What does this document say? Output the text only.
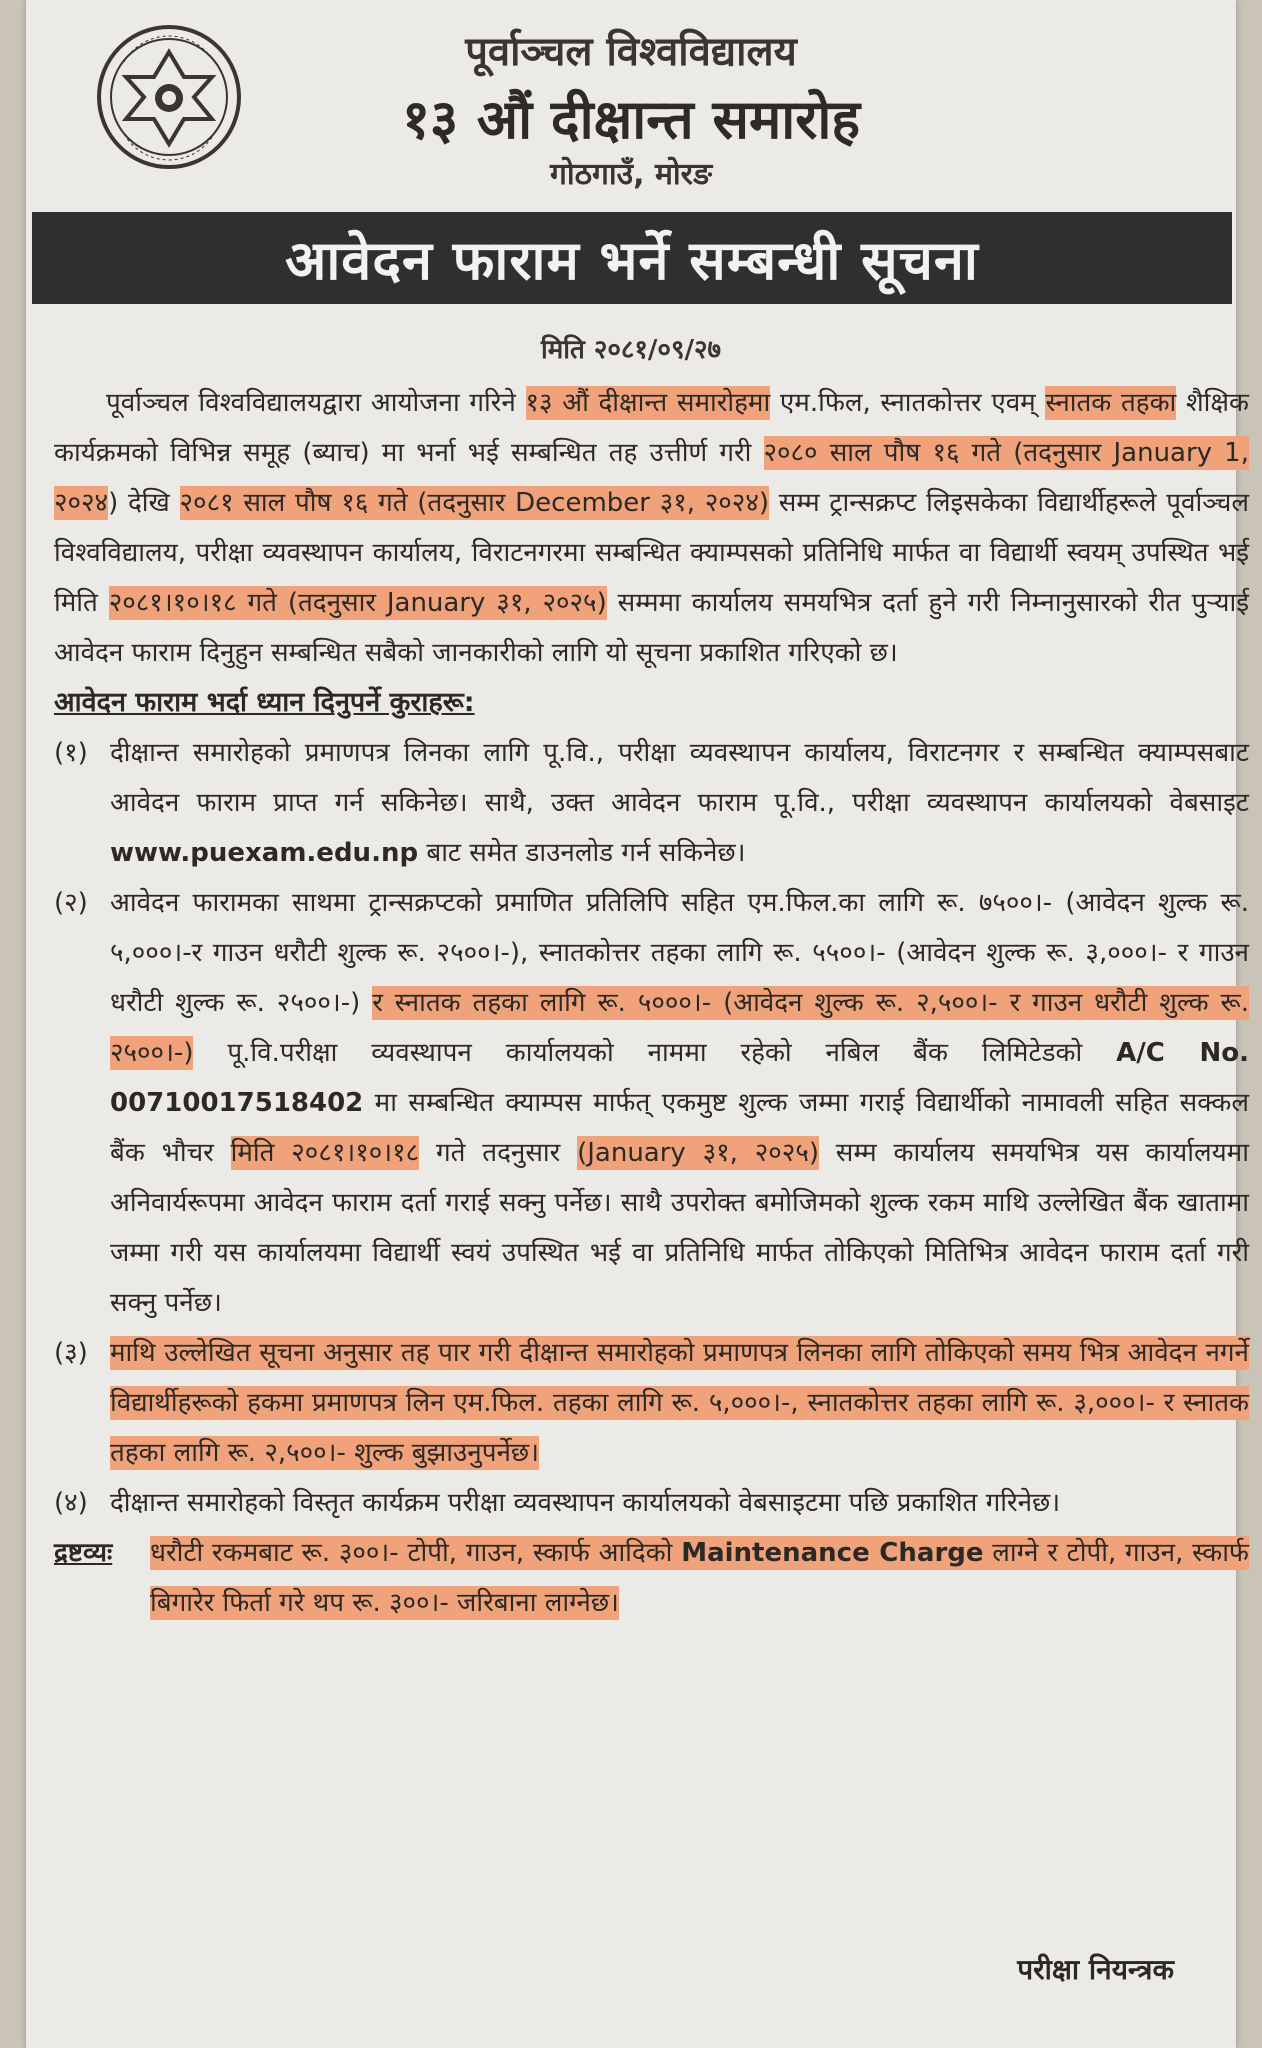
पूर्वाञ्चल विश्वविद्यालय
१३ औं दीक्षान्त समारोह
गोठगाउँ, मोरङ
आवेदन फाराम भर्ने सम्बन्धी सूचना
मिति २०८१/०९/२७

पूर्वाञ्चल विश्वविद्यालयद्वारा आयोजना गरिने १३ औं दीक्षान्त समारोहमा एम.फिल, स्नातकोत्तर एवम् स्नातक तहका शैक्षिक कार्यक्रमको विभिन्न समूह (ब्याच) मा भर्ना भई सम्बन्धित तह उत्तीर्ण गरी २०८० साल पौष १६ गते (तदनुसार January 1, २०२४) देखि २०८१ साल पौष १६ गते (तदनुसार December ३१, २०२४) सम्म ट्रान्सक्रप्ट लिइसकेका विद्यार्थीहरूले पूर्वाञ्चल विश्वविद्यालय, परीक्षा व्यवस्थापन कार्यालय, विराटनगरमा सम्बन्धित क्याम्पसको प्रतिनिधि मार्फत वा विद्यार्थी स्वयम् उपस्थित भई मिति २०८१।१०।१८ गते (तदनुसार January ३१, २०२५) सम्ममा कार्यालय समयभित्र दर्ता हुने गरी निम्नानुसारको रीत पुऱ्याई आवेदन फाराम दिनुहुन सम्बन्धित सबैको जानकारीको लागि यो सूचना प्रकाशित गरिएको छ।

आवेदन फाराम भर्दा ध्यान दिनुपर्ने कुराहरू:

(१) दीक्षान्त समारोहको प्रमाणपत्र लिनका लागि पू.वि., परीक्षा व्यवस्थापन कार्यालय, विराटनगर र सम्बन्धित क्याम्पसबाट आवेदन फाराम प्राप्त गर्न सकिनेछ। साथै, उक्त आवेदन फाराम पू.वि., परीक्षा व्यवस्थापन कार्यालयको वेबसाइट www.puexam.edu.np बाट समेत डाउनलोड गर्न सकिनेछ।
(२) आवेदन फारामका साथमा ट्रान्सक्रप्टको प्रमाणित प्रतिलिपि सहित एम.फिल.का लागि रू. ७५००।- (आवेदन शुल्क रू. ५,०००।-र गाउन धरौटी शुल्क रू. २५००।-), स्नातकोत्तर तहका लागि रू. ५५००।- (आवेदन शुल्क रू. ३,०००।- र गाउन धरौटी शुल्क रू. २५००।-) र स्नातक तहका लागि रू. ५०००।- (आवेदन शुल्क रू. २,५००।- र गाउन धरौटी शुल्क रू. २५००।-) पू.वि.परीक्षा व्यवस्थापन कार्यालयको नाममा रहेको नबिल बैंक लिमिटेडको A/C No. 00710017518402 मा सम्बन्धित क्याम्पस मार्फत् एकमुष्ट शुल्क जम्मा गराई विद्यार्थीको नामावली सहित सक्कल बैंक भौचर मिति २०८१।१०।१८ गते तदनुसार (January ३१, २०२५) सम्म कार्यालय समयभित्र यस कार्यालयमा अनिवार्यरूपमा आवेदन फाराम दर्ता गराई सक्नु पर्नेछ। साथै उपरोक्त बमोजिमको शुल्क रकम माथि उल्लेखित बैंक खातामा जम्मा गरी यस कार्यालयमा विद्यार्थी स्वयं उपस्थित भई वा प्रतिनिधि मार्फत तोकिएको मितिभित्र आवेदन फाराम दर्ता गरी सक्नु पर्नेछ।
(३) माथि उल्लेखित सूचना अनुसार तह पार गरी दीक्षान्त समारोहको प्रमाणपत्र लिनका लागि तोकिएको समय भित्र आवेदन नगर्ने विद्यार्थीहरूको हकमा प्रमाणपत्र लिन एम.फिल. तहका लागि रू. ५,०००।-, स्नातकोत्तर तहका लागि रू. ३,०००।- र स्नातक तहका लागि रू. २,५००।- शुल्क बुझाउनुपर्नेछ।
(४) दीक्षान्त समारोहको विस्तृत कार्यक्रम परीक्षा व्यवस्थापन कार्यालयको वेबसाइटमा पछि प्रकाशित गरिनेछ।
द्रष्टव्यः	धरौटी रकमबाट रू. ३००।- टोपी, गाउन, स्कार्फ आदिको Maintenance Charge लाग्ने र टोपी, गाउन, स्कार्फ बिगारेर फिर्ता गरे थप रू. ३००।- जरिबाना लाग्नेछ।
परीक्षा नियन्त्रक
